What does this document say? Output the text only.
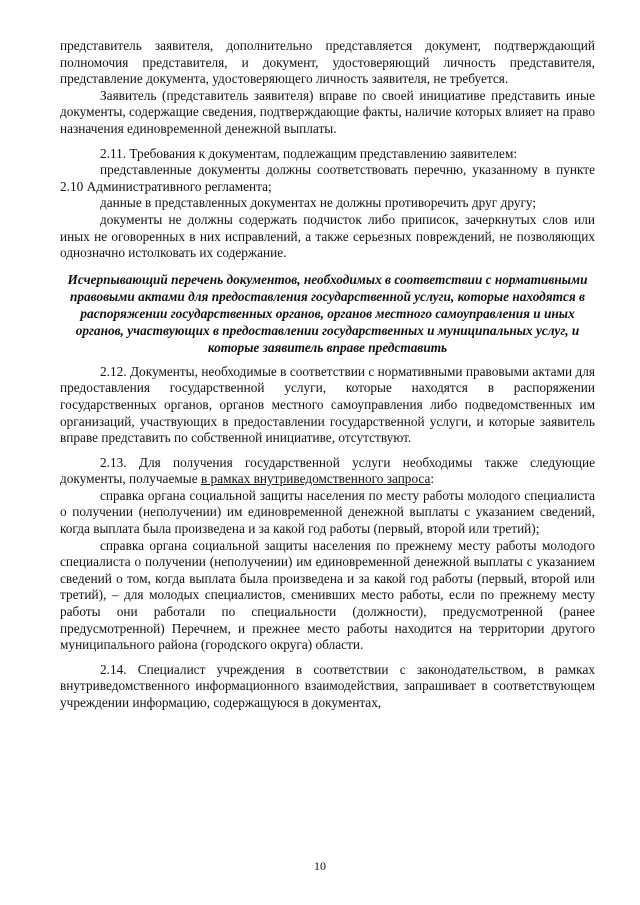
представитель заявителя, дополнительно представляется документ, подтверждающий полномочия представителя, и документ, удостоверяющий личность представителя, представление документа, удостоверяющего личность заявителя, не требуется.

Заявитель (представитель заявителя) вправе по своей инициативе представить иные документы, содержащие сведения, подтверждающие факты, наличие которых влияет на право назначения единовременной денежной выплаты.

2.11. Требования к документам, подлежащим представлению заявителем:

представленные документы должны соответствовать перечню, указанному в пункте 2.10 Административного регламента;

данные в представленных документах не должны противоречить друг другу;

документы не должны содержать подчисток либо приписок, зачеркнутых слов или иных не оговоренных в них исправлений, а также серьезных повреждений, не позволяющих однозначно истолковать их содержание.

Исчерпывающий перечень документов, необходимых в соответствии с нормативными правовыми актами для предоставления государственной услуги, которые находятся в распоряжении государственных органов, органов местного самоуправления и иных органов, участвующих в предоставлении государственных и муниципальных услуг, и которые заявитель вправе представить

2.12. Документы, необходимые в соответствии с нормативными правовыми актами для предоставления государственной услуги, которые находятся в распоряжении государственных органов, органов местного самоуправления либо подведомственных им организаций, участвующих в предоставлении государственной услуги, и которые заявитель вправе представить по собственной инициативе, отсутствуют.

2.13. Для получения государственной услуги необходимы также следующие документы, получаемые в рамках внутриведомственного запроса:

справка органа социальной защиты населения по месту работы молодого специалиста о получении (неполучении) им единовременной денежной выплаты с указанием сведений, когда выплата была произведена и за какой год работы (первый, второй или третий);

справка органа социальной защиты населения по прежнему месту работы молодого специалиста о получении (неполучении) им единовременной денежной выплаты с указанием сведений о том, когда выплата была произведена и за какой год работы (первый, второй или третий), – для молодых специалистов, сменивших место работы, если по прежнему месту работы они работали по специальности (должности), предусмотренной (ранее предусмотренной) Перечнем, и прежнее место работы находится на территории другого муниципального района (городского округа) области.

2.14. Специалист учреждения в соответствии с законодательством, в рамках внутриведомственного информационного взаимодействия, запрашивает в соответствующем учреждении информацию, содержащуюся в документах,

10
